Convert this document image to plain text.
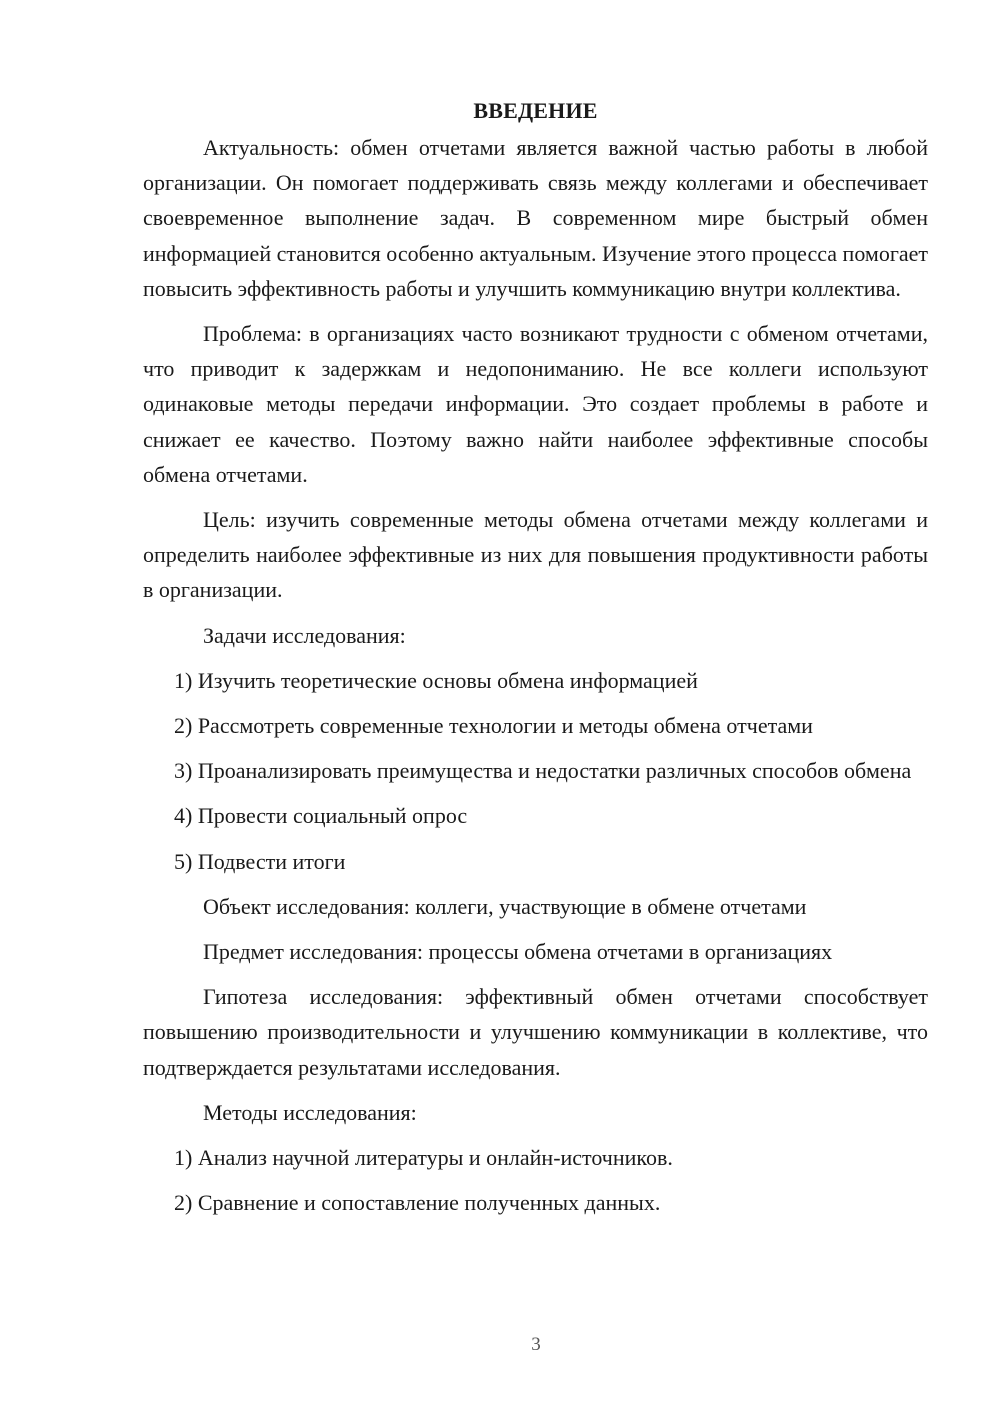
ВВЕДЕНИЕ

Актуальность: обмен отчетами является важной частью работы в любой организации. Он помогает поддерживать связь между коллегами и обеспечивает своевременное выполнение задач. В современном мире быстрый обмен информацией становится особенно актуальным. Изучение этого процесса помогает повысить эффективность работы и улучшить коммуникацию внутри коллектива.

Проблема: в организациях часто возникают трудности с обменом отчетами, что приводит к задержкам и недопониманию. Не все коллеги используют одинаковые методы передачи информации. Это создает проблемы в работе и снижает ее качество. Поэтому важно найти наиболее эффективные способы обмена отчетами.

Цель: изучить современные методы обмена отчетами между коллегами и определить наиболее эффективные из них для повышения продуктивности работы в организации.

Задачи исследования:

1) Изучить теоретические основы обмена информацией

2) Рассмотреть современные технологии и методы обмена отчетами

3) Проанализировать преимущества и недостатки различных способов обмена

4) Провести социальный опрос

5) Подвести итоги

Объект исследования: коллеги, участвующие в обмене отчетами

Предмет исследования: процессы обмена отчетами в организациях

Гипотеза исследования: эффективный обмен отчетами способствует повышению производительности и улучшению коммуникации в коллективе, что подтверждается результатами исследования.

Методы исследования:

1) Анализ научной литературы и онлайн-источников.

2) Сравнение и сопоставление полученных данных.

3
